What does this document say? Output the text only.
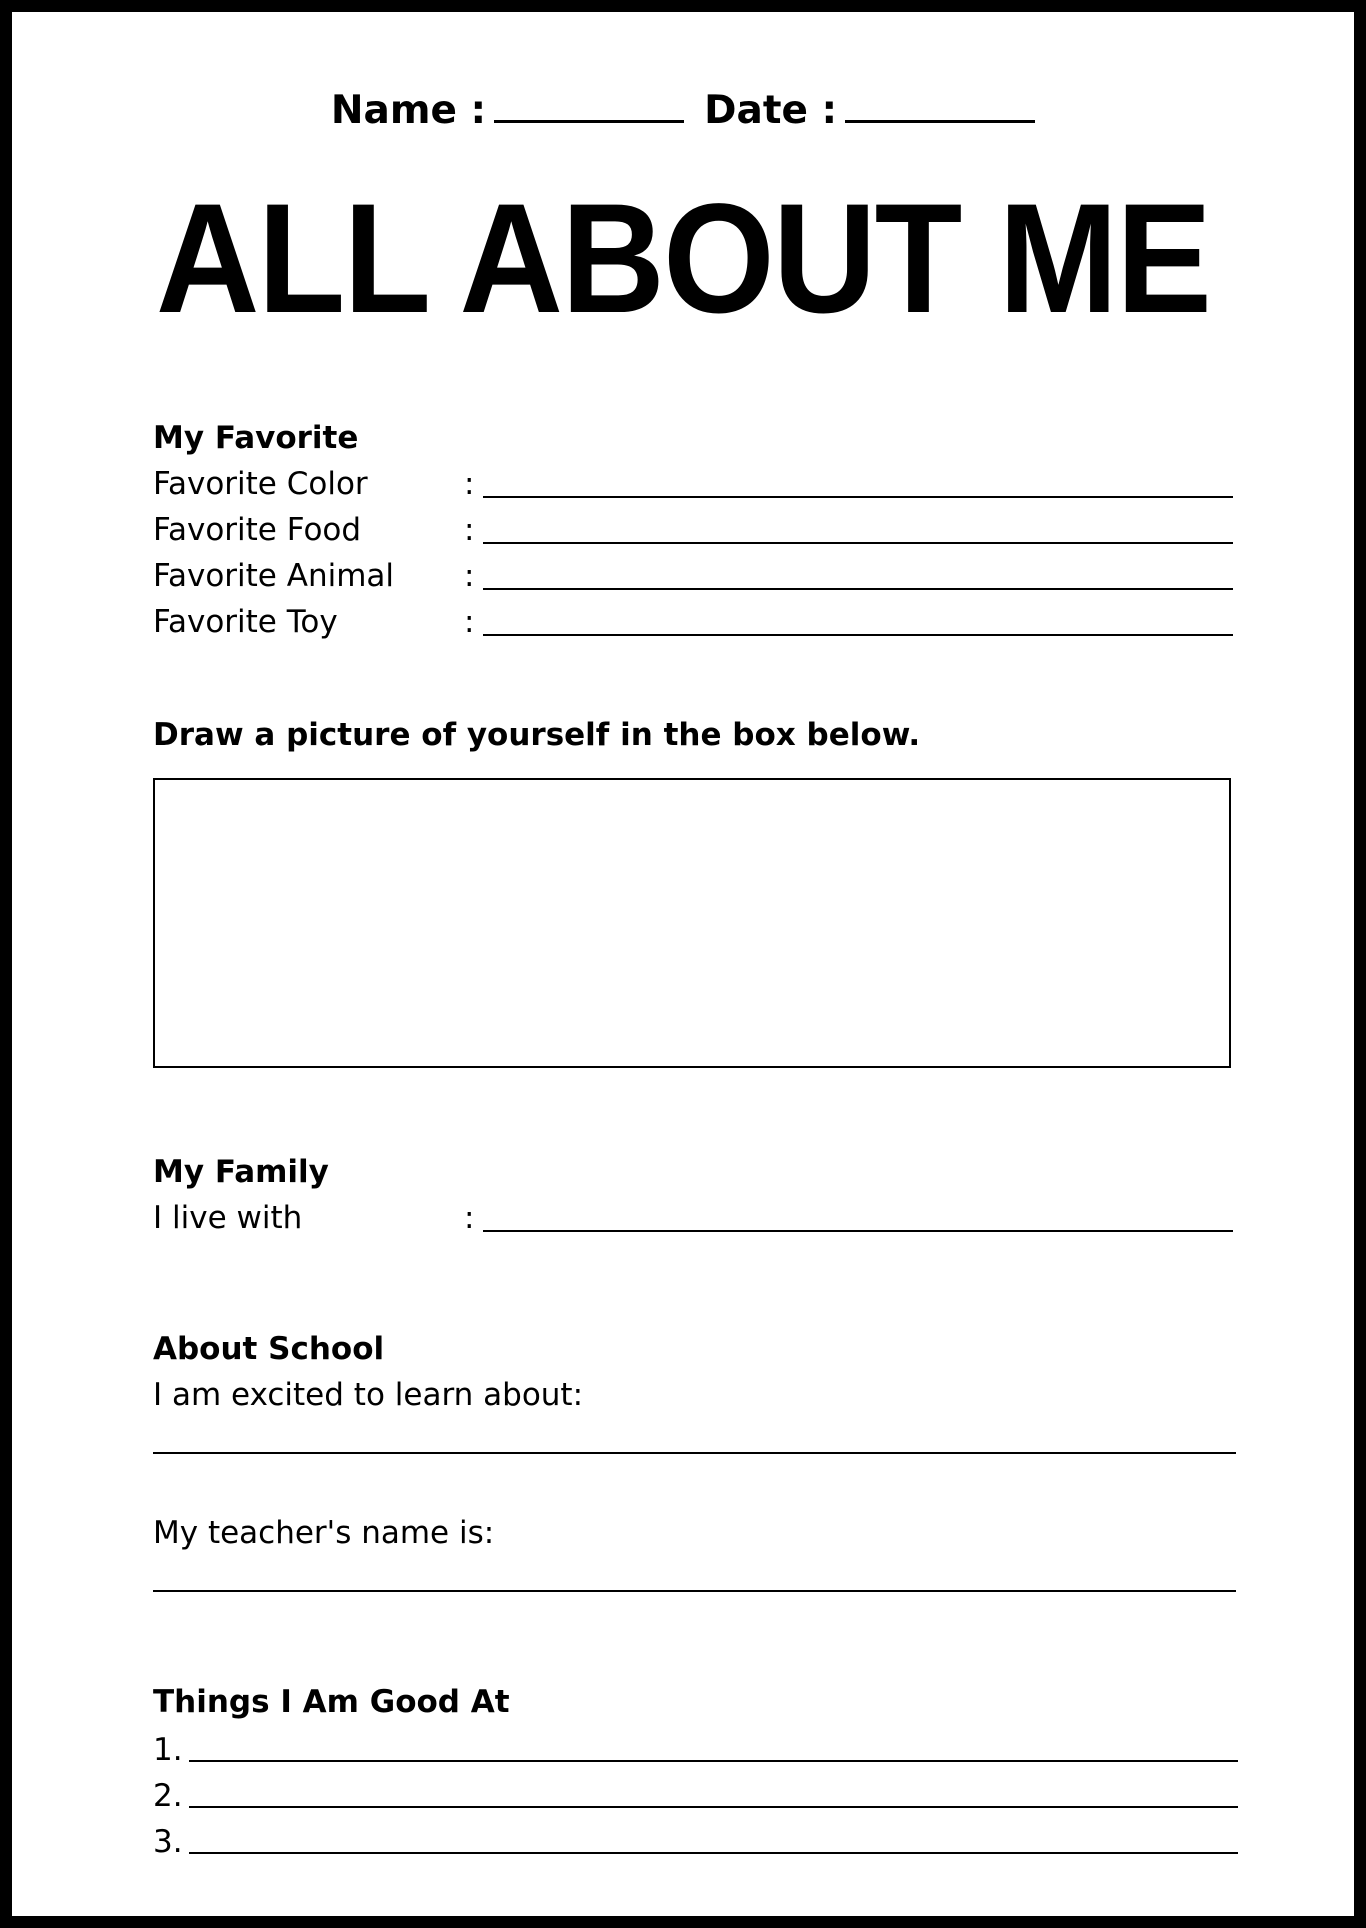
Name :	Date :
ALL ABOUT ME
My Favorite
Favorite Color	:
Favorite Food	:
Favorite Animal :
Favorite Toy	:
Draw a picture of yourself in the box below.
My Family
I live with	:
About School
I am excited to learn about:
My teacher's name is:
Things I Am Good At
1.
2.
3.
